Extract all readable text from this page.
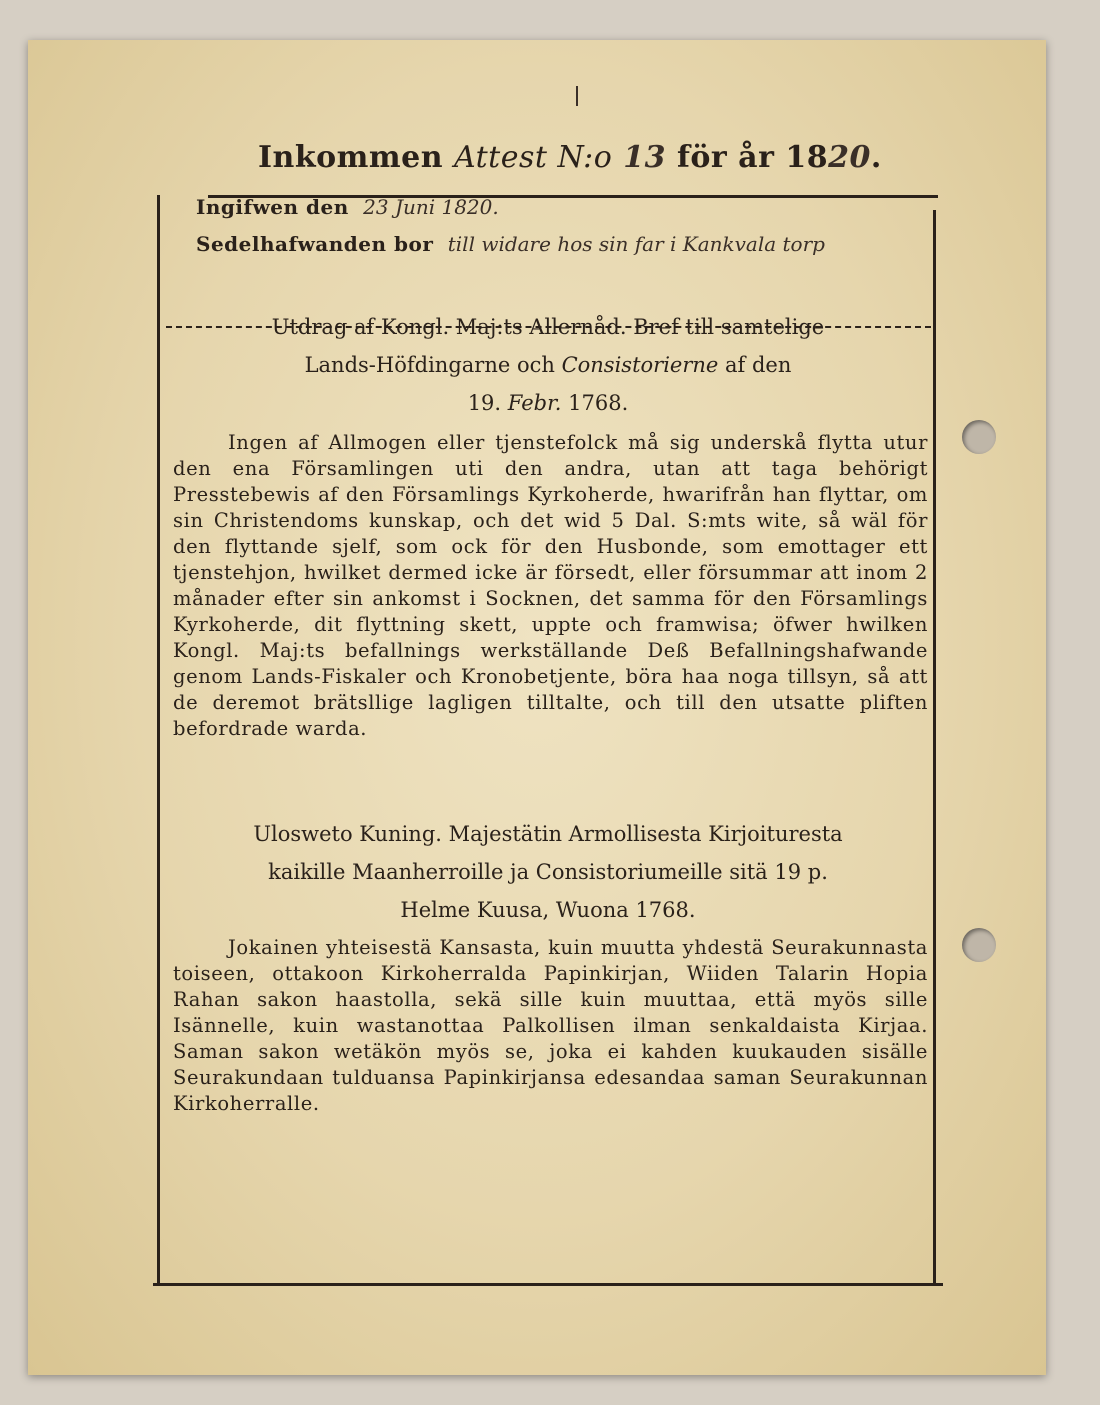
Inkommen Attest N:o 13 för år 1820.
Ingifwen den 23 Juni 1820.
Sedelhafwanden bor till widare hos sin far i Kankvala torp
Utdrag af Kongl. Maj:ts Allernåd. Bref till samtelige
Lands-Höfdingarne och Consistorierne af den
19. Febr. 1768.
Ingen af Allmogen eller tjenstefolck må sig underskå flytta utur den ena Församlingen uti den andra, utan att taga behörigt Presstebewis af den Församlings Kyrkoherde, hwarifrån han flyttar, om sin Christendoms kunskap, och det wid 5 Dal. S:mts wite, så wäl för den flyttande sjelf, som ock för den Husbonde, som emottager ett tjenstehjon, hwilket dermed icke är försedt, eller försummar att inom 2 månader efter sin ankomst i Socknen, det samma för den Församlings Kyrkoherde, dit flyttning skett, uppte och framwisa; öfwer hwilken Kongl. Maj:ts befallnings werkställande Deß Befallningshafwande genom Lands-Fiskaler och Kronobetjente, böra haa noga tillsyn, så att de deremot brätsllige lagligen tilltalte, och till den utsatte pliften befordrade warda.
Ulosweto Kuning. Majestätin Armollisesta Kirjoituresta
kaikille Maanherroille ja Consistoriumeille sitä 19 p.
Helme Kuusa, Wuona 1768.
Jokainen yhteisestä Kansasta, kuin muutta yhdestä Seurakunnasta toiseen, ottakoon Kirkoherralda Papinkirjan, Wiiden Talarin Hopia Rahan sakon haastolla, sekä sille kuin muuttaa, että myös sille Isännelle, kuin wastanottaa Palkollisen ilman senkaldaista Kirjaa. Saman sakon wetäkön myös se, joka ei kahden kuukauden sisälle Seurakundaan tulduansa Papinkirjansa edesandaa saman Seurakunnan Kirkoherralle.
